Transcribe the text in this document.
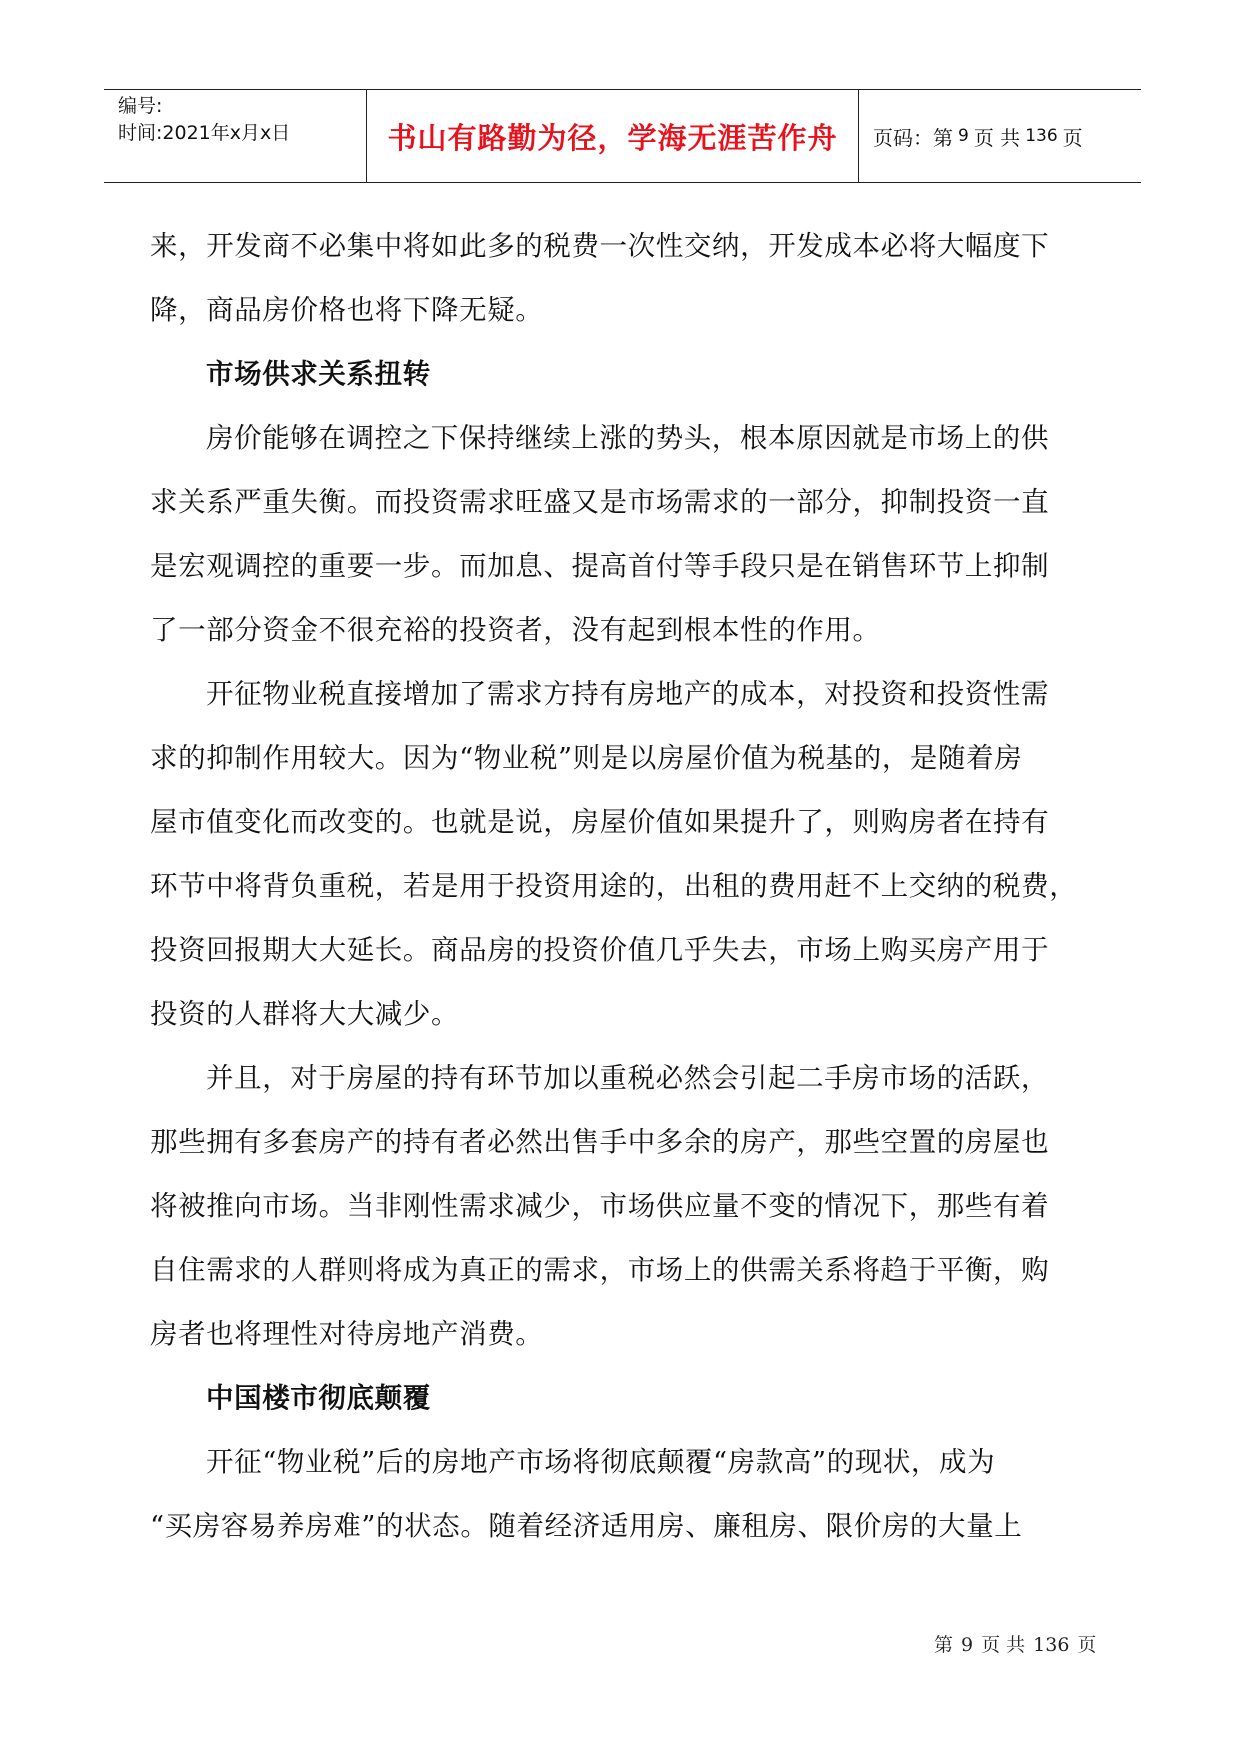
编号:
时间:2021年x月x日	书山有路勤为径，学海无涯苦作舟 页码：第 9 页 共 136 页
来，开发商不必集中将如此多的税费一次性交纳，开发成本必将大幅度下
降，商品房价格也将下降无疑。
市场供求关系扭转
房价能够在调控之下保持继续上涨的势头，根本原因就是市场上的供
求关系严重失衡。而投资需求旺盛又是市场需求的一部分，抑制投资一直
是宏观调控的重要一步。而加息、提高首付等手段只是在销售环节上抑制
了一部分资金不很充裕的投资者，没有起到根本性的作用。
开征物业税直接增加了需求方持有房地产的成本，对投资和投资性需
求的抑制作用较大。因为“物业税”则是以房屋价值为税基的，是随着房
屋市值变化而改变的。也就是说，房屋价值如果提升了，则购房者在持有
环节中将背负重税，若是用于投资用途的，出租的费用赶不上交纳的税费，
投资回报期大大延长。商品房的投资价值几乎失去，市场上购买房产用于
投资的人群将大大减少。
并且，对于房屋的持有环节加以重税必然会引起二手房市场的活跃，
那些拥有多套房产的持有者必然出售手中多余的房产，那些空置的房屋也
将被推向市场。当非刚性需求减少，市场供应量不变的情况下，那些有着
自住需求的人群则将成为真正的需求，市场上的供需关系将趋于平衡，购
房者也将理性对待房地产消费。
中国楼市彻底颠覆
开征“物业税”后的房地产市场将彻底颠覆“房款高”的现状，成为
“买房容易养房难”的状态。随着经济适用房、廉租房、限价房的大量上
第 9 页 共 136 页
